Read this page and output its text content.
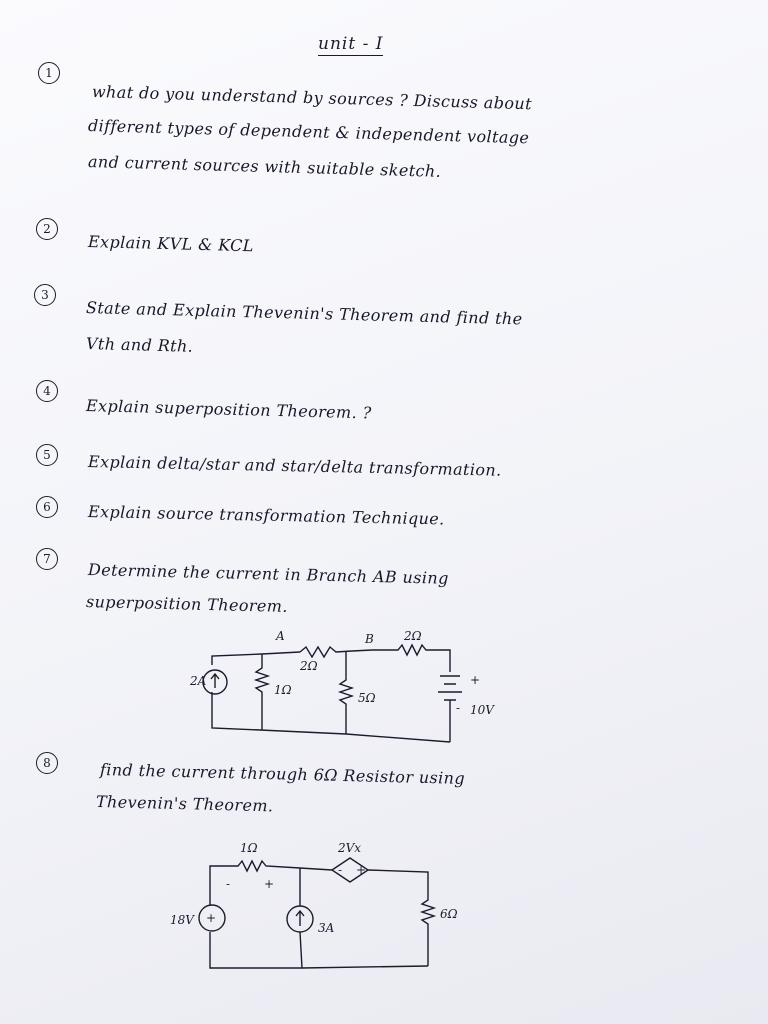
unit - I
1
what do you understand by sources ? Discuss about
different types of dependent & independent voltage
and current sources with suitable sketch.
2
Explain KVL & KCL
3
State and Explain Thevenin's Theorem and find the
Vth and Rth.
4
Explain superposition Theorem. ?
5	Explain delta/star and star/delta transformation.
6	Explain source transformation Technique.
7
Determine the current in Branch AB using
superposition Theorem.
A	B
2A
1Ω
2Ω
5Ω
2Ω
10V
+
-
8	find the current through 6Ω Resistor using
Thevenin's Theorem.
1Ω	2Vx
- +
-	+
+
18V
3A
6Ω
